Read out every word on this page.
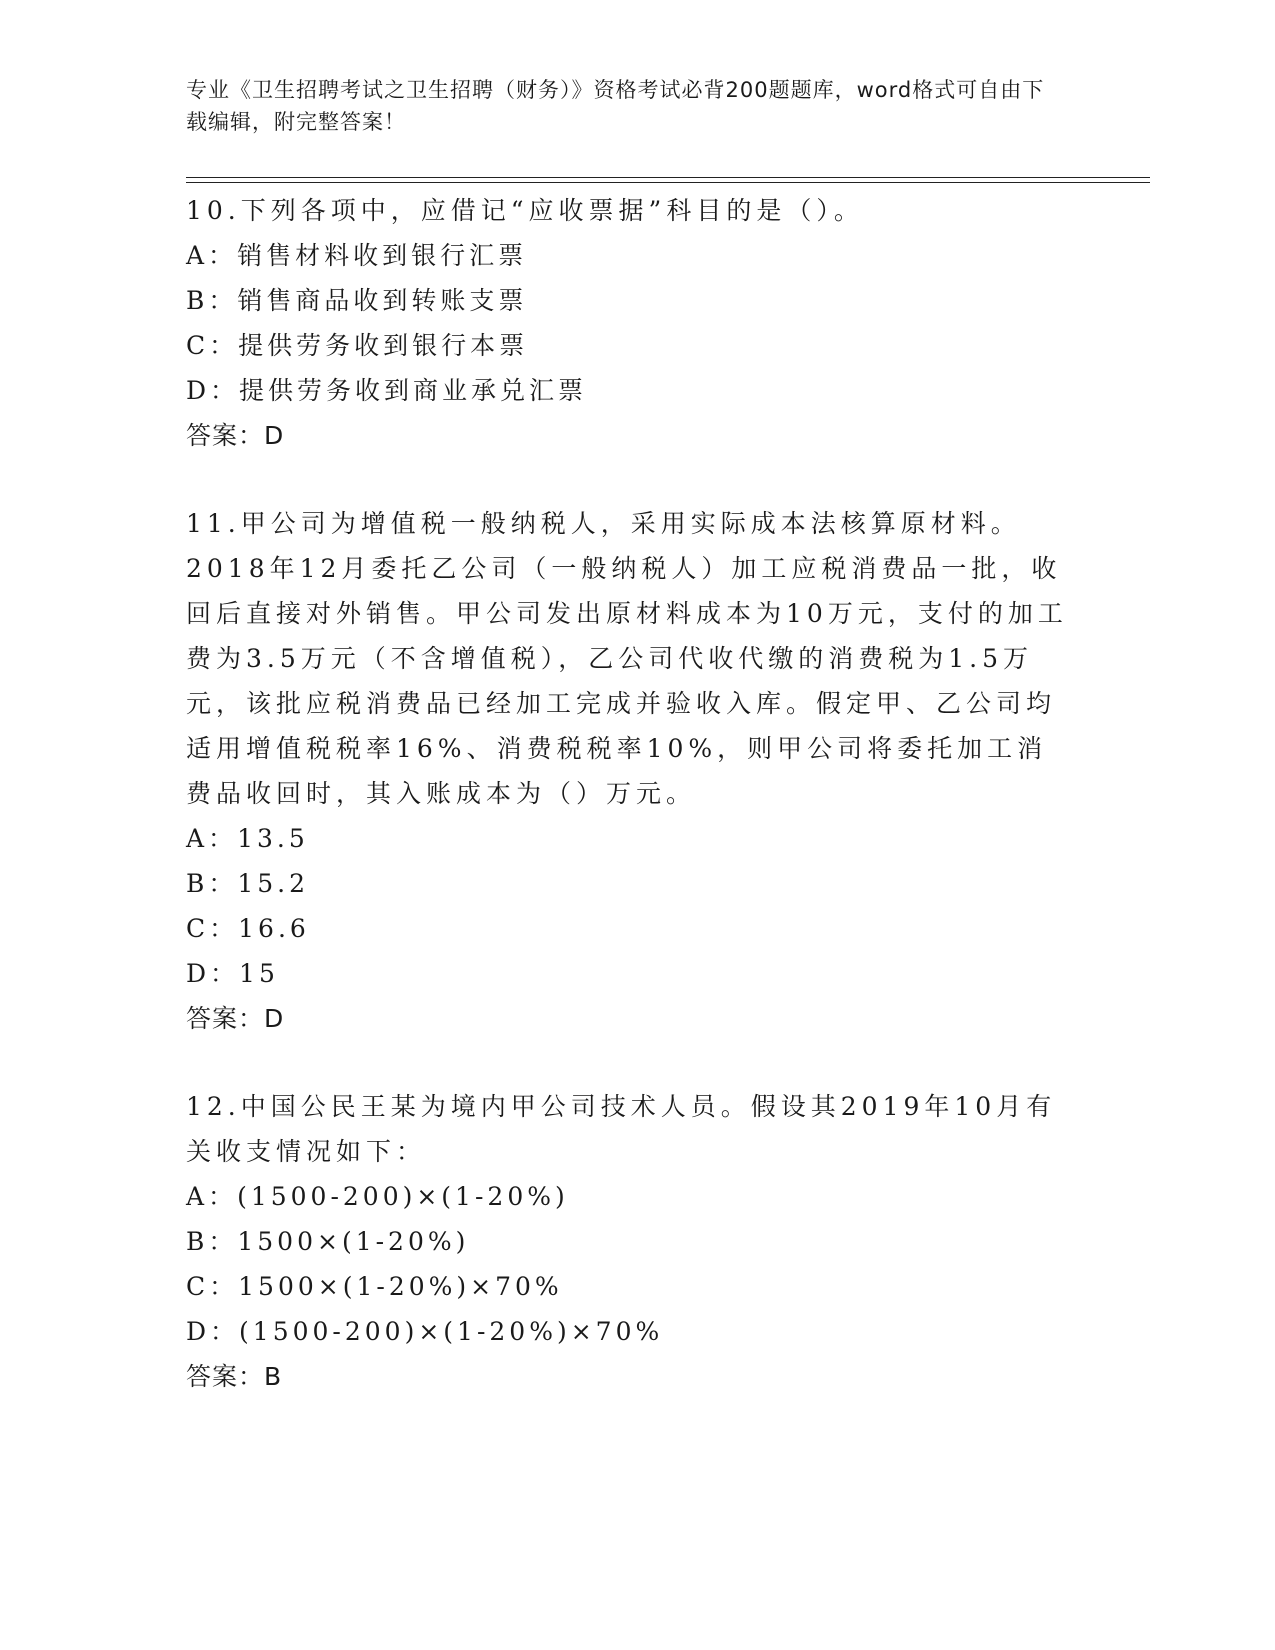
专业《卫生招聘考试之卫生招聘（财务）》资格考试必背200题题库，word格式可自由下载编辑，附完整答案！

10.下列各项中，应借记“应收票据”科目的是（）。

A： 销售材料收到银行汇票
B： 销售商品收到转账支票
C： 提供劳务收到银行本票
D： 提供劳务收到商业承兑汇票
答案： D

11.甲公司为增值税一般纳税人，采用实际成本法核算原材料。2018年12月委托乙公司（一般纳税人）加工应税消费品一批，收回后直接对外销售。甲公司发出原材料成本为10万元，支付的加工费为3.5万元（不含增值税），乙公司代收代缴的消费税为1.5万元，该批应税消费品已经加工完成并验收入库。假定甲、乙公司均适用增值税税率16%、消费税税率10%，则甲公司将委托加工消费品收回时，其入账成本为（）万元。

A： 13.5
B： 15.2
C： 16.6
D： 15
答案： D

12.中国公民王某为境内甲公司技术人员。假设其2019年10月有关收支情况如下：

A： (1500-200)×(1-20%)
B： 1500×(1-20%)
C： 1500×(1-20%)×70%
D： (1500-200)×(1-20%)×70%
答案： B
